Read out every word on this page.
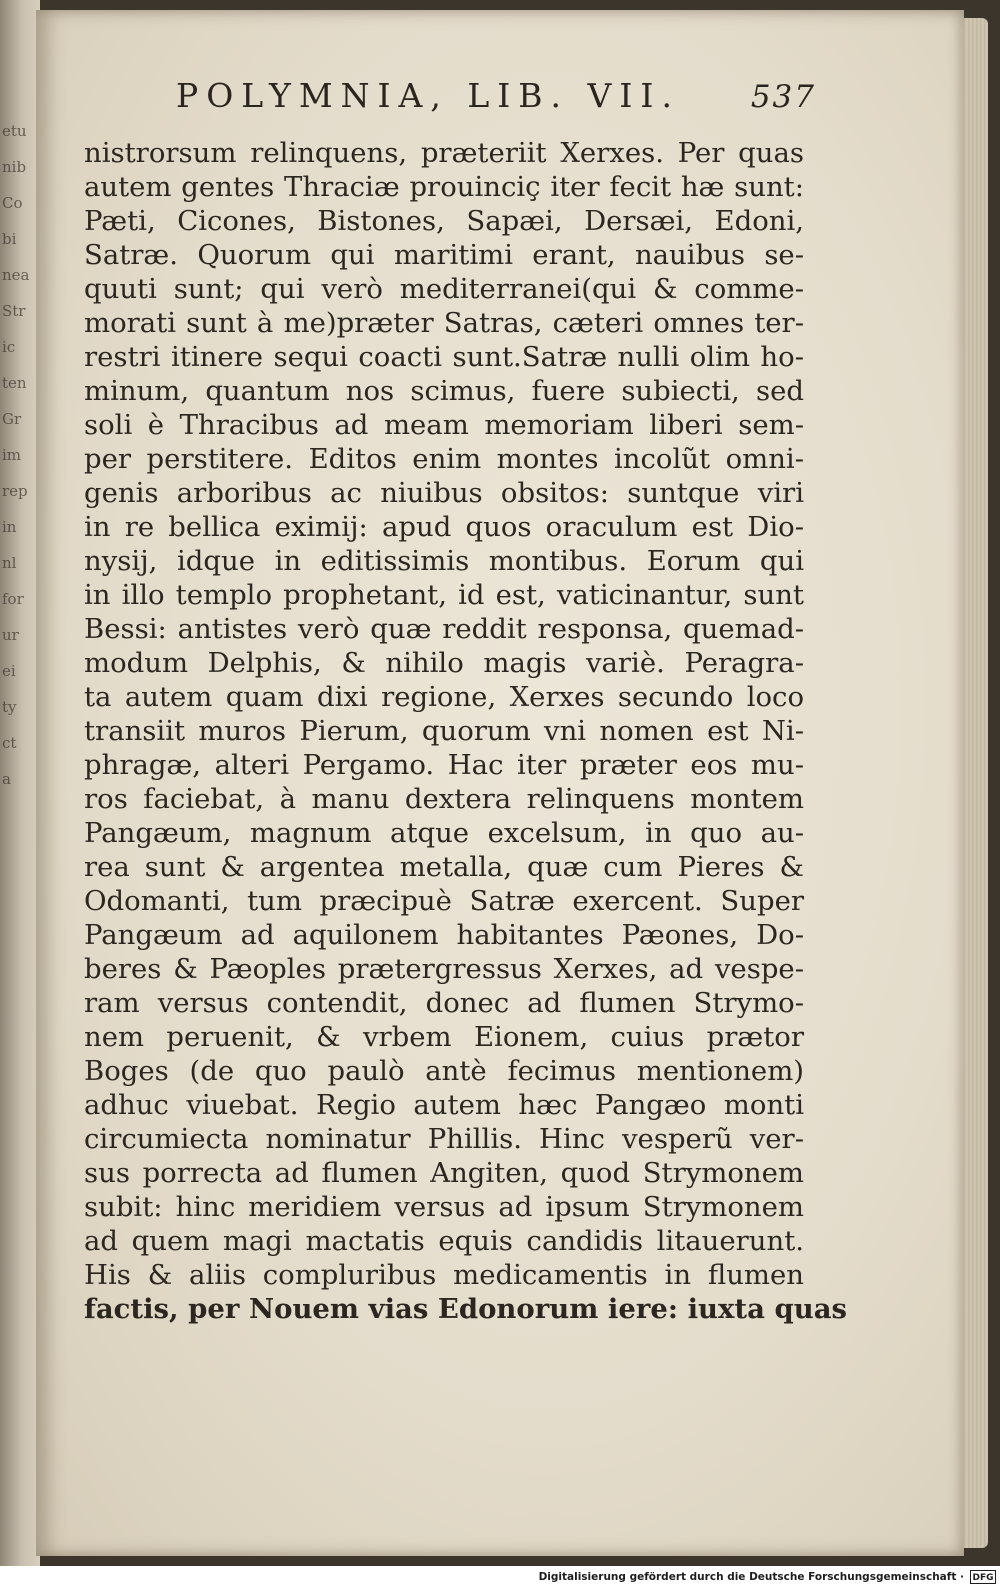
etu
nib
Co
bi
nea
Str
ic
ten
Gr
im
rep
in
nl
for
ur
ei
ty
ct
a
POLYMNIA, LIB. VII. 537
nistrorsum relinquens, præteriit Xerxes. Per quas
autem gentes Thraciæ prouinciç iter fecit hæ sunt:
Pæti, Cicones, Bistones, Sapæi, Dersæi, Edoni,
Satræ. Quorum qui maritimi erant, nauibus se-
quuti sunt; qui verò mediterranei(qui & comme-
morati sunt à me)præter Satras, cæteri omnes ter-
restri itinere sequi coacti sunt.Satræ nulli olim ho-
minum, quantum nos scimus, fuere subiecti, sed
soli è Thracibus ad meam memoriam liberi sem-
per perstitere. Editos enim montes incolũt omni-
genis arboribus ac niuibus obsitos: suntque viri
in re bellica eximij: apud quos oraculum est Dio-
nysij, idque in editissimis montibus. Eorum qui
in illo templo prophetant, id est, vaticinantur, sunt
Bessi: antistes verò quæ reddit responsa, quemad-
modum Delphis, & nihilo magis variè. Peragra-
ta autem quam dixi regione, Xerxes secundo loco
transiit muros Pierum, quorum vni nomen est Ni-
phragæ, alteri Pergamo. Hac iter præter eos mu-
ros faciebat, à manu dextera relinquens montem
Pangæum, magnum atque excelsum, in quo au-
rea sunt & argentea metalla, quæ cum Pieres &
Odomanti, tum præcipuè Satræ exercent. Super
Pangæum ad aquilonem habitantes Pæones, Do-
beres & Pæoples prætergressus Xerxes, ad vespe-
ram versus contendit, donec ad flumen Strymo-
nem peruenit, & vrbem Eionem, cuius prætor
Boges (de quo paulò antè fecimus mentionem)
adhuc viuebat. Regio autem hæc Pangæo monti
circumiecta nominatur Phillis. Hinc vesperũ ver-
sus porrecta ad flumen Angiten, quod Strymonem
subit: hinc meridiem versus ad ipsum Strymonem
ad quem magi mactatis equis candidis litauerunt.
His & aliis compluribus medicamentis in flumen
factis, per Nouem vias Edonorum iere: iuxta quas
Digitalisierung gefördert durch die Deutsche Forschungsgemeinschaft · DFG
